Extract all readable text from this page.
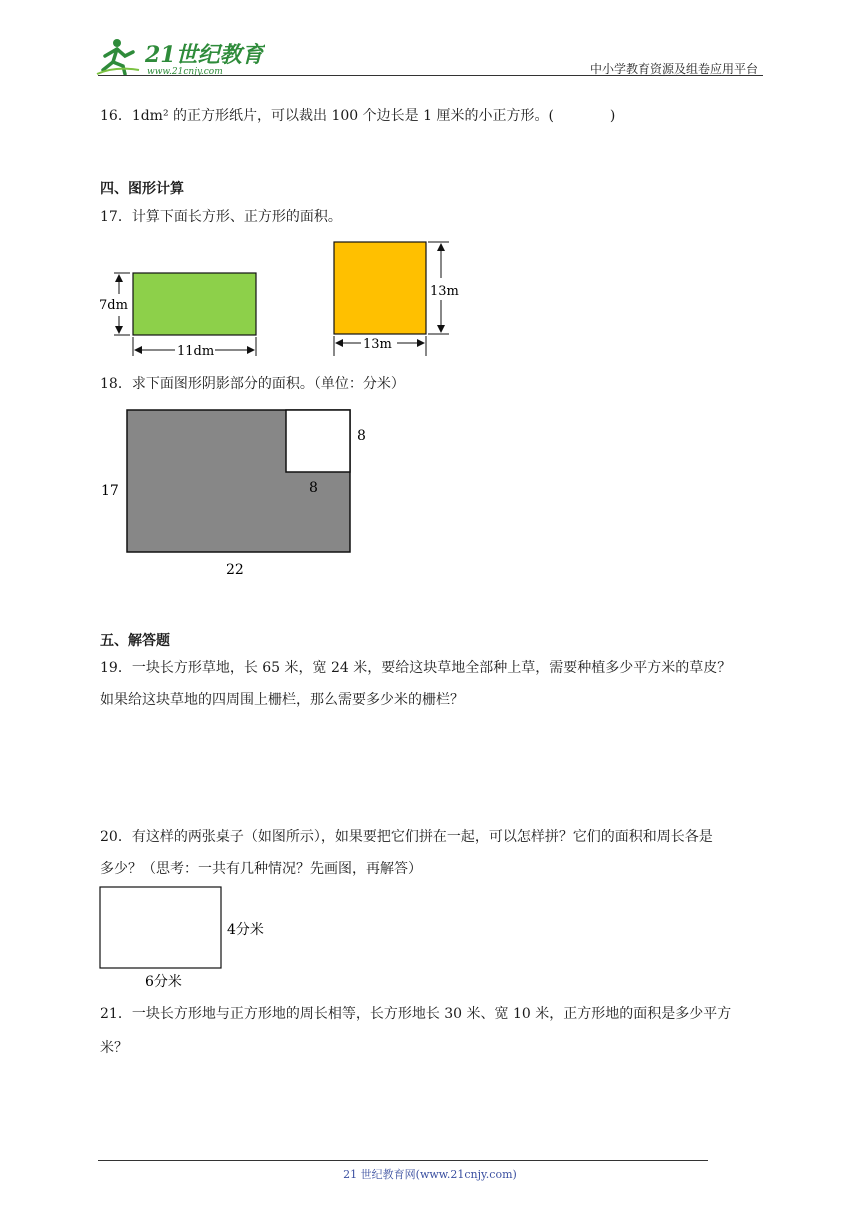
21世纪教育
www.21cnjy.com	中小学教育资源及组卷应用平台
16．1dm² 的正方形纸片，可以裁出 100 个边长是 1 厘米的小正方形。(　　　　)
四、图形计算
17．计算下面长方形、正方形的面积。
7dm
11dm
13m
13m
18．求下面图形阴影部分的面积。（单位：分米）
8
8
17
22
五、解答题
19．一块长方形草地，长 65 米，宽 24 米，要给这块草地全部种上草，需要种植多少平方米的草皮？
如果给这块草地的四周围上栅栏，那么需要多少米的栅栏？
20．有这样的两张桌子（如图所示），如果要把它们拼在一起，可以怎样拼？它们的面积和周长各是
多少？（思考：一共有几种情况？先画图，再解答）
4分米
6分米
21．一块长方形地与正方形地的周长相等，长方形地长 30 米、宽 10 米，正方形地的面积是多少平方
米？
21 世纪教育网(www.21cnjy.com)
